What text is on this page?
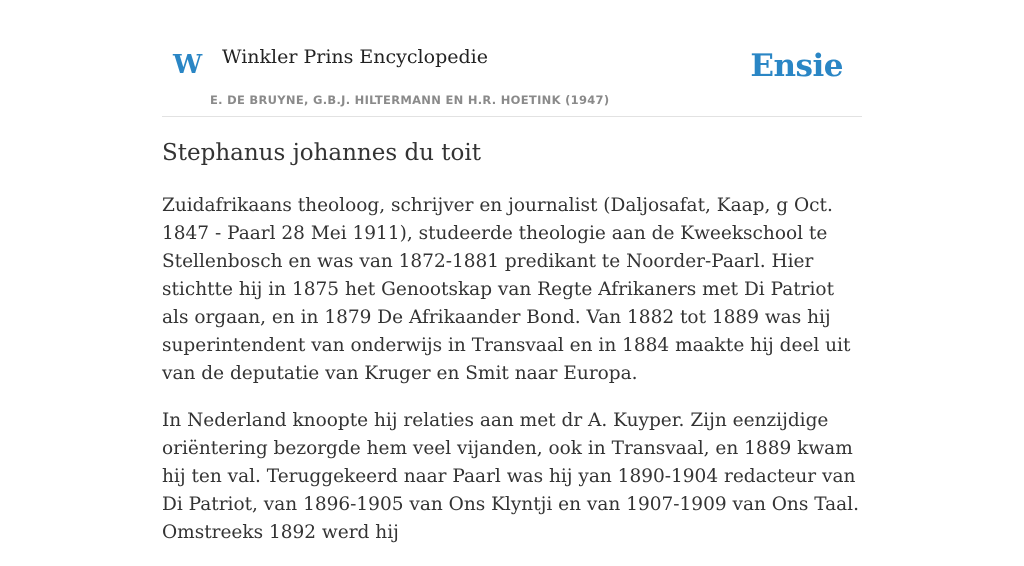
W Winkler Prins Encyclopedie
E. DE BRUYNE, G.B.J. HILTERMANN EN H.R. HOETINK (1947)
Ensie
Stephanus johannes du toit

Zuidafrikaans theoloog, schrijver en journalist (Daljosafat, Kaap, g Oct. 1847 - Paarl 28 Mei 1911), studeerde theologie aan de Kweekschool te Stellenbosch en was van 1872-1881 predikant te Noorder-Paarl. Hier stichtte hij in 1875 het Genootskap van Regte Afrikaners met Di Patriot als orgaan, en in 1879 De Afrikaander Bond. Van 1882 tot 1889 was hij superintendent van onderwijs in Transvaal en in 1884 maakte hij deel uit van de deputatie van Kruger en Smit naar Europa.

In Nederland knoopte hij relaties aan met dr A. Kuyper. Zijn eenzijdige oriëntering bezorgde hem veel vijanden, ook in Transvaal, en 1889 kwam hij ten val. Teruggekeerd naar Paarl was hij yan 1890-1904 redacteur van Di Patriot, van 1896-1905 van Ons Klyntji en van 1907-1909 van Ons Taal. Omstreeks 1892 werd hij
